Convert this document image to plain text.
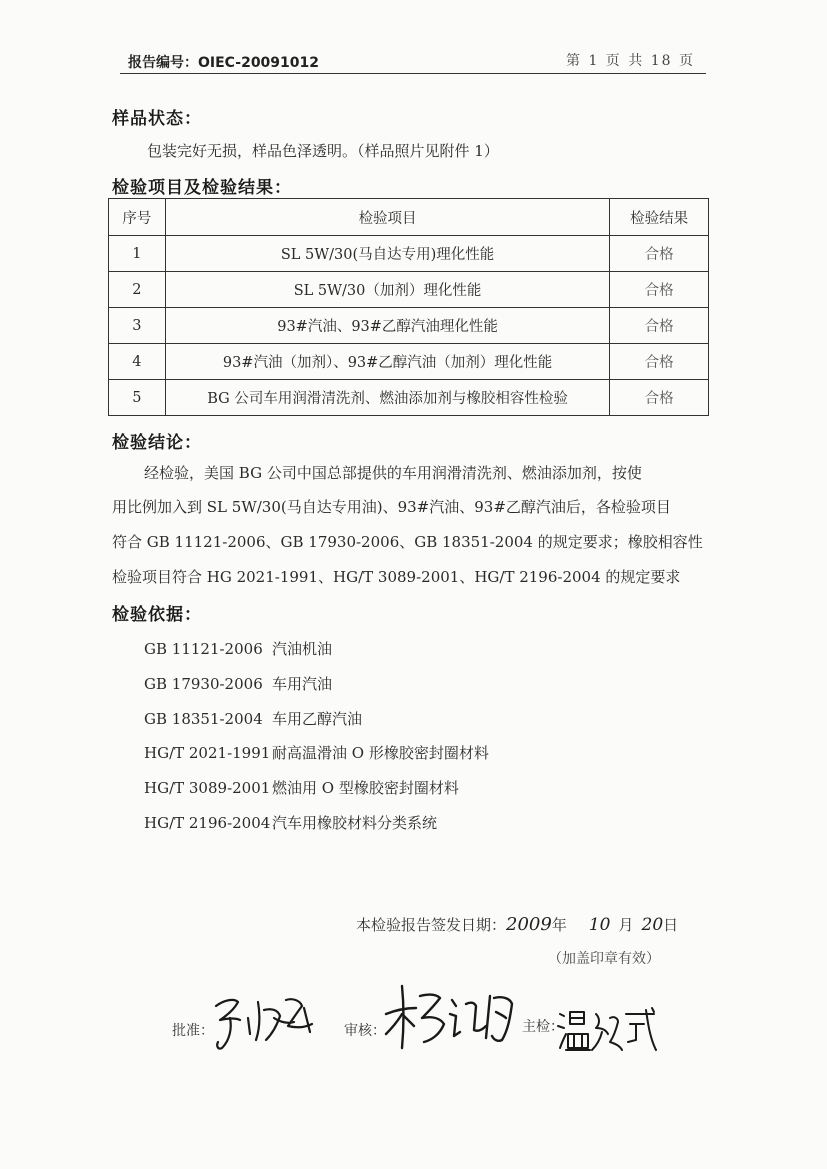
报告编号：OIEC-20091012	第 1 页 共 18 页
样品状态：
包装完好无损，样品色泽透明。（样品照片见附件 1）
检验项目及检验结果：
序号	检验项目	检验结果
1	SL 5W/30(马自达专用)理化性能	合格
2	SL 5W/30（加剂）理化性能	合格
3	93#汽油、93#乙醇汽油理化性能	合格
4	93#汽油（加剂）、93#乙醇汽油（加剂）理化性能	合格
5	BG 公司车用润滑清洗剂、燃油添加剂与橡胶相容性检验	合格
检验结论：
经检验，美国 BG 公司中国总部提供的车用润滑清洗剂、燃油添加剂，按使
用比例加入到 SL 5W/30(马自达专用油)、93#汽油、93#乙醇汽油后，各检验项目
符合 GB 11121-2006、GB 17930-2006、GB 18351-2004 的规定要求；橡胶相容性
检验项目符合 HG 2021-1991、HG/T 3089-2001、HG/T 2196-2004 的规定要求
检验依据：
GB 11121-2006 汽油机油
GB 17930-2006 车用汽油
GB 18351-2004 车用乙醇汽油
HG/T 2021-1991 耐高温滑油 O 形橡胶密封圈材料
HG/T 3089-2001 燃油用 O 型橡胶密封圈材料
HG/T 2196-2004 汽车用橡胶材料分类系统
本检验报告签发日期：2009年 10 月 20日
（加盖印章有效）
批准：	审核：	主检：
